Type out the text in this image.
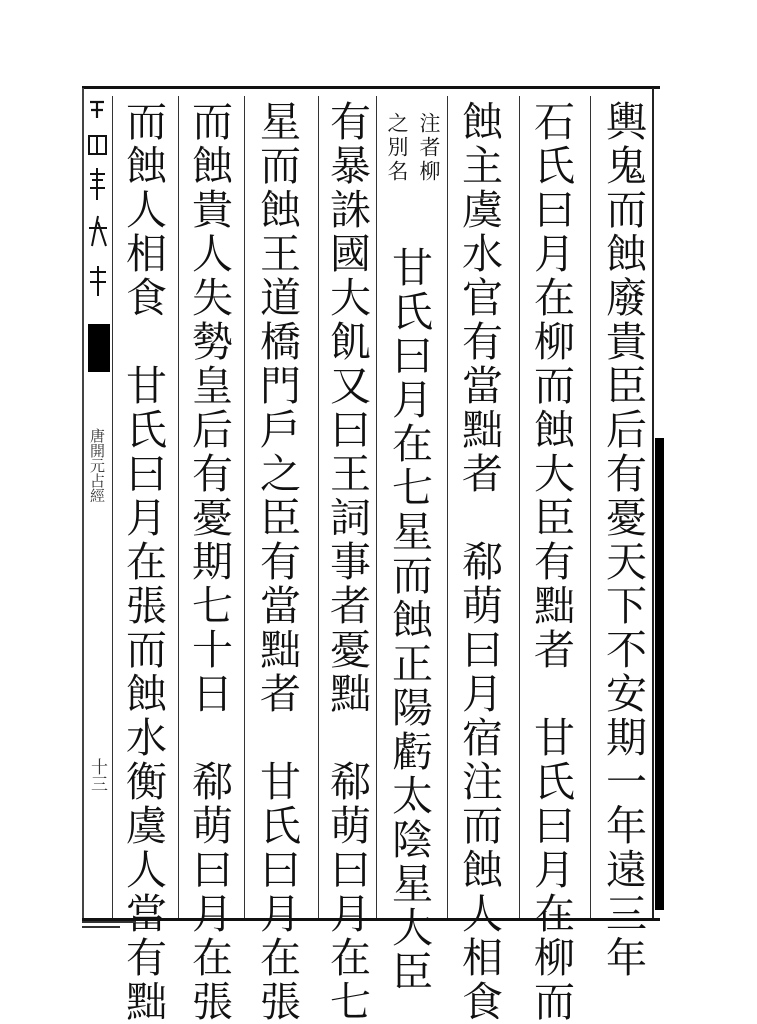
輿鬼而蝕廢貴臣后有憂天下不安期一年遠三年
石氏曰月在柳而蝕大臣有黜者　甘氏曰月在柳而
蝕主虞水官有當黜者　郗萌曰月宿注而蝕人相食
注者柳
之別名
甘氏曰月在七星而蝕正陽虧太陰星大臣
有暴誅國大飢又曰王詞事者憂黜　郗萌曰月在七
星而蝕王道橋門戶之臣有當黜者　甘氏曰月在張
而蝕貴人失勢皇后有憂期七十日　郗萌曰月在張
而蝕人相食　甘氏曰月在張而蝕水衡虞人當有黜
唐開元占經
十三
